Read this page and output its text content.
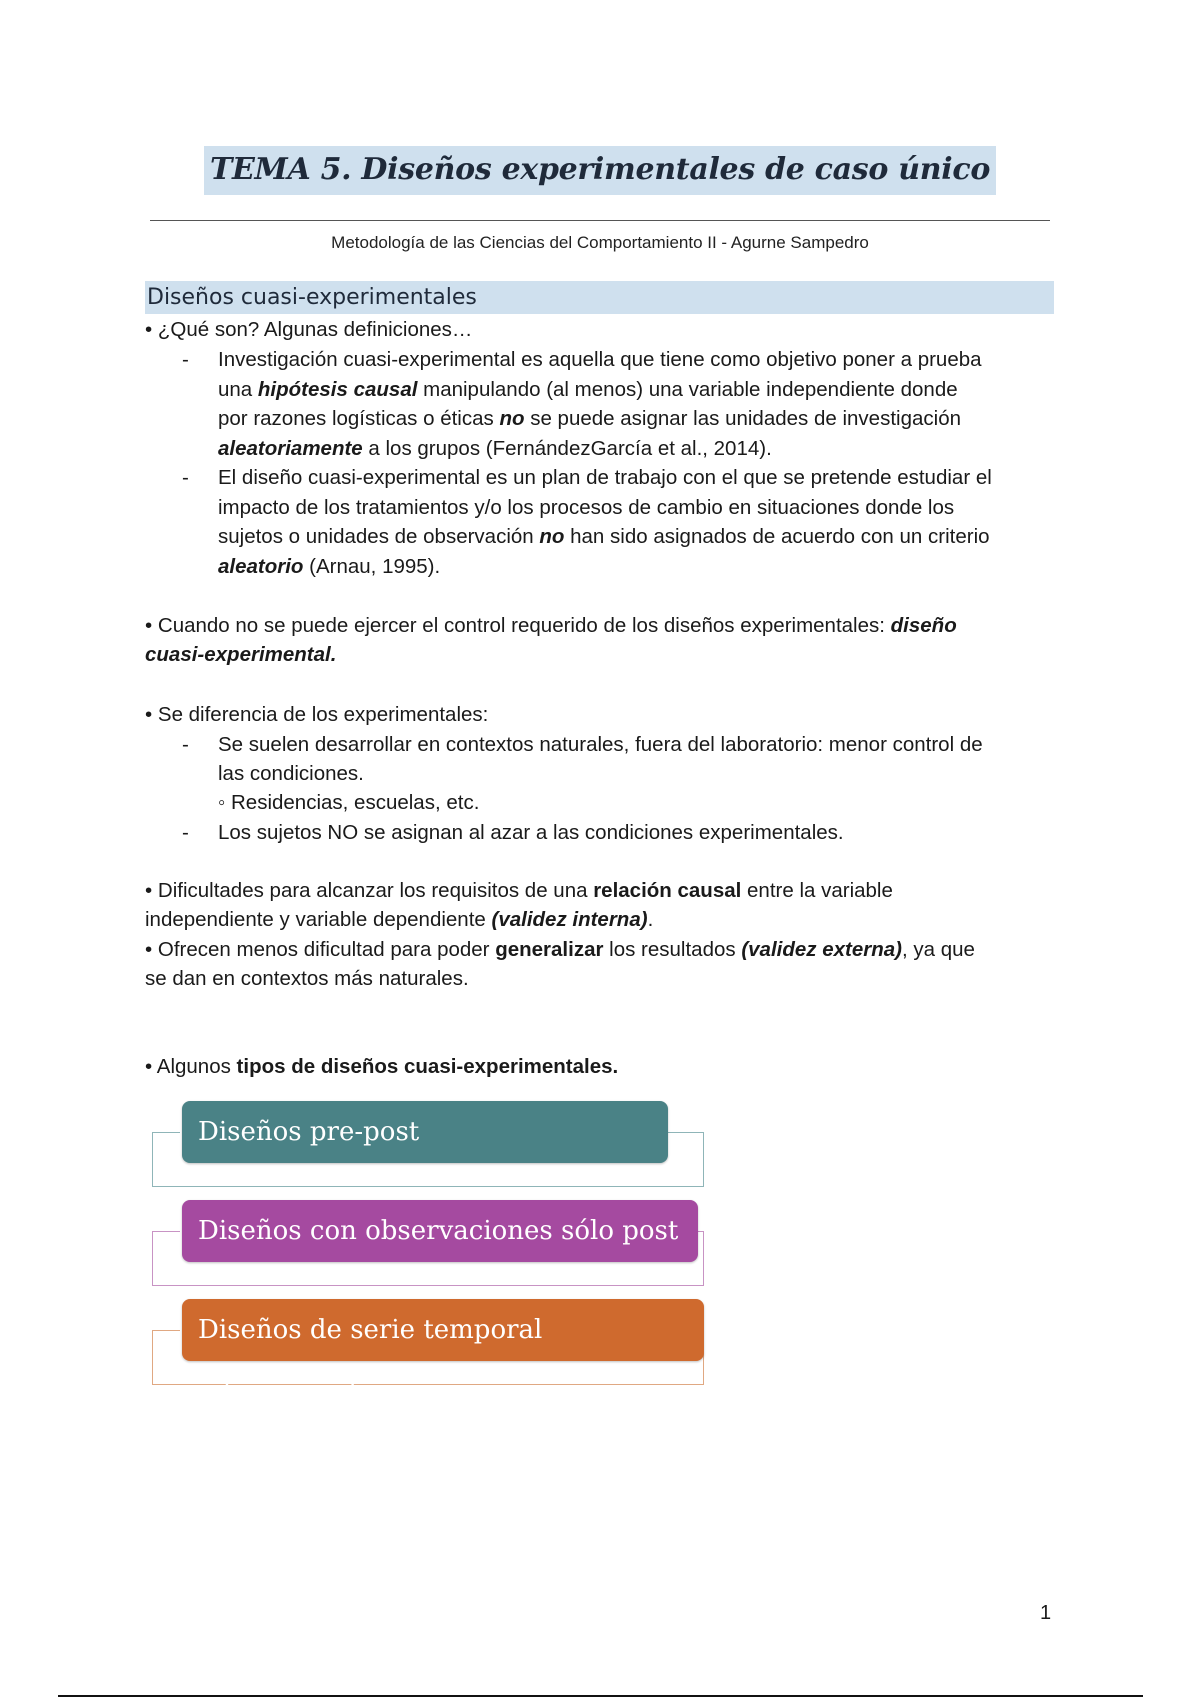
TEMA 5. Diseños experimentales de caso único
Metodología de las Ciencias del Comportamiento II - Agurne Sampedro
Diseños cuasi-experimentales
• ¿Qué son? Algunas definiciones…
- Investigación cuasi-experimental es aquella que tiene como objetivo poner a prueba
una hipótesis causal manipulando (al menos) una variable independiente donde
por razones logísticas o éticas no se puede asignar las unidades de investigación
aleatoriamente a los grupos (FernándezGarcía et al., 2014).
- El diseño cuasi-experimental es un plan de trabajo con el que se pretende estudiar el
impacto de los tratamientos y/o los procesos de cambio en situaciones donde los
sujetos o unidades de observación no han sido asignados de acuerdo con un criterio
aleatorio (Arnau, 1995).
• Cuando no se puede ejercer el control requerido de los diseños experimentales: diseño
cuasi-experimental.
• Se diferencia de los experimentales:
- Se suelen desarrollar en contextos naturales, fuera del laboratorio: menor control de
las condiciones.
◦ Residencias, escuelas, etc.
- Los sujetos NO se asignan al azar a las condiciones experimentales.
• Dificultades para alcanzar los requisitos de una relación causal entre la variable
independiente y variable dependiente (validez interna).
• Ofrecen menos dificultad para poder generalizar los resultados (validez externa), ya que
se dan en contextos más naturales.
• Algunos tipos de diseños cuasi-experimentales.
Diseños pre-post
Diseños con observaciones sólo post
Diseños de serie temporal interrumpida
1
